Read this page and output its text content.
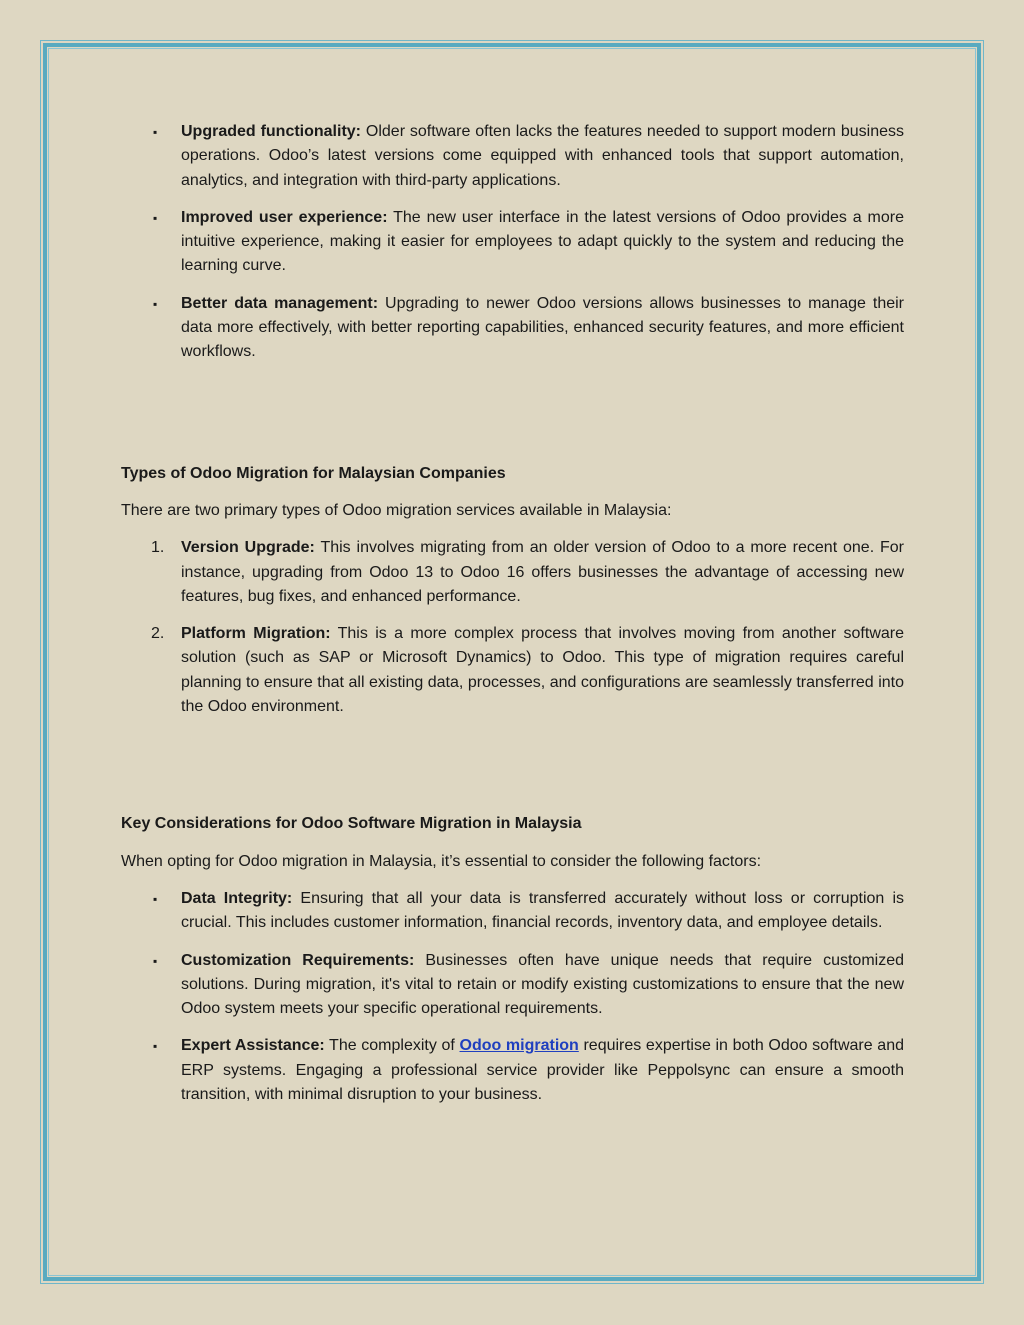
▪ Upgraded functionality: Older software often lacks the features needed to support modern business operations. Odoo’s latest versions come equipped with enhanced tools that support automation, analytics, and integration with third-party applications.
▪ Improved user experience: The new user interface in the latest versions of Odoo provides a more intuitive experience, making it easier for employees to adapt quickly to the system and reducing the learning curve.
▪ Better data management: Upgrading to newer Odoo versions allows businesses to manage their data more effectively, with better reporting capabilities, enhanced security features, and more efficient workflows.

Types of Odoo Migration for Malaysian Companies

There are two primary types of Odoo migration services available in Malaysia:

1. Version Upgrade: This involves migrating from an older version of Odoo to a more recent one. For instance, upgrading from Odoo 13 to Odoo 16 offers businesses the advantage of accessing new features, bug fixes, and enhanced performance.
2. Platform Migration: This is a more complex process that involves moving from another software solution (such as SAP or Microsoft Dynamics) to Odoo. This type of migration requires careful planning to ensure that all existing data, processes, and configurations are seamlessly transferred into the Odoo environment.

Key Considerations for Odoo Software Migration in Malaysia

When opting for Odoo migration in Malaysia, it’s essential to consider the following factors:

▪ Data Integrity: Ensuring that all your data is transferred accurately without loss or corruption is crucial. This includes customer information, financial records, inventory data, and employee details.
▪ Customization Requirements: Businesses often have unique needs that require customized solutions. During migration, it's vital to retain or modify existing customizations to ensure that the new Odoo system meets your specific operational requirements.
▪ Expert Assistance: The complexity of Odoo migration requires expertise in both Odoo software and ERP systems. Engaging a professional service provider like Peppolsync can ensure a smooth transition, with minimal disruption to your business.
